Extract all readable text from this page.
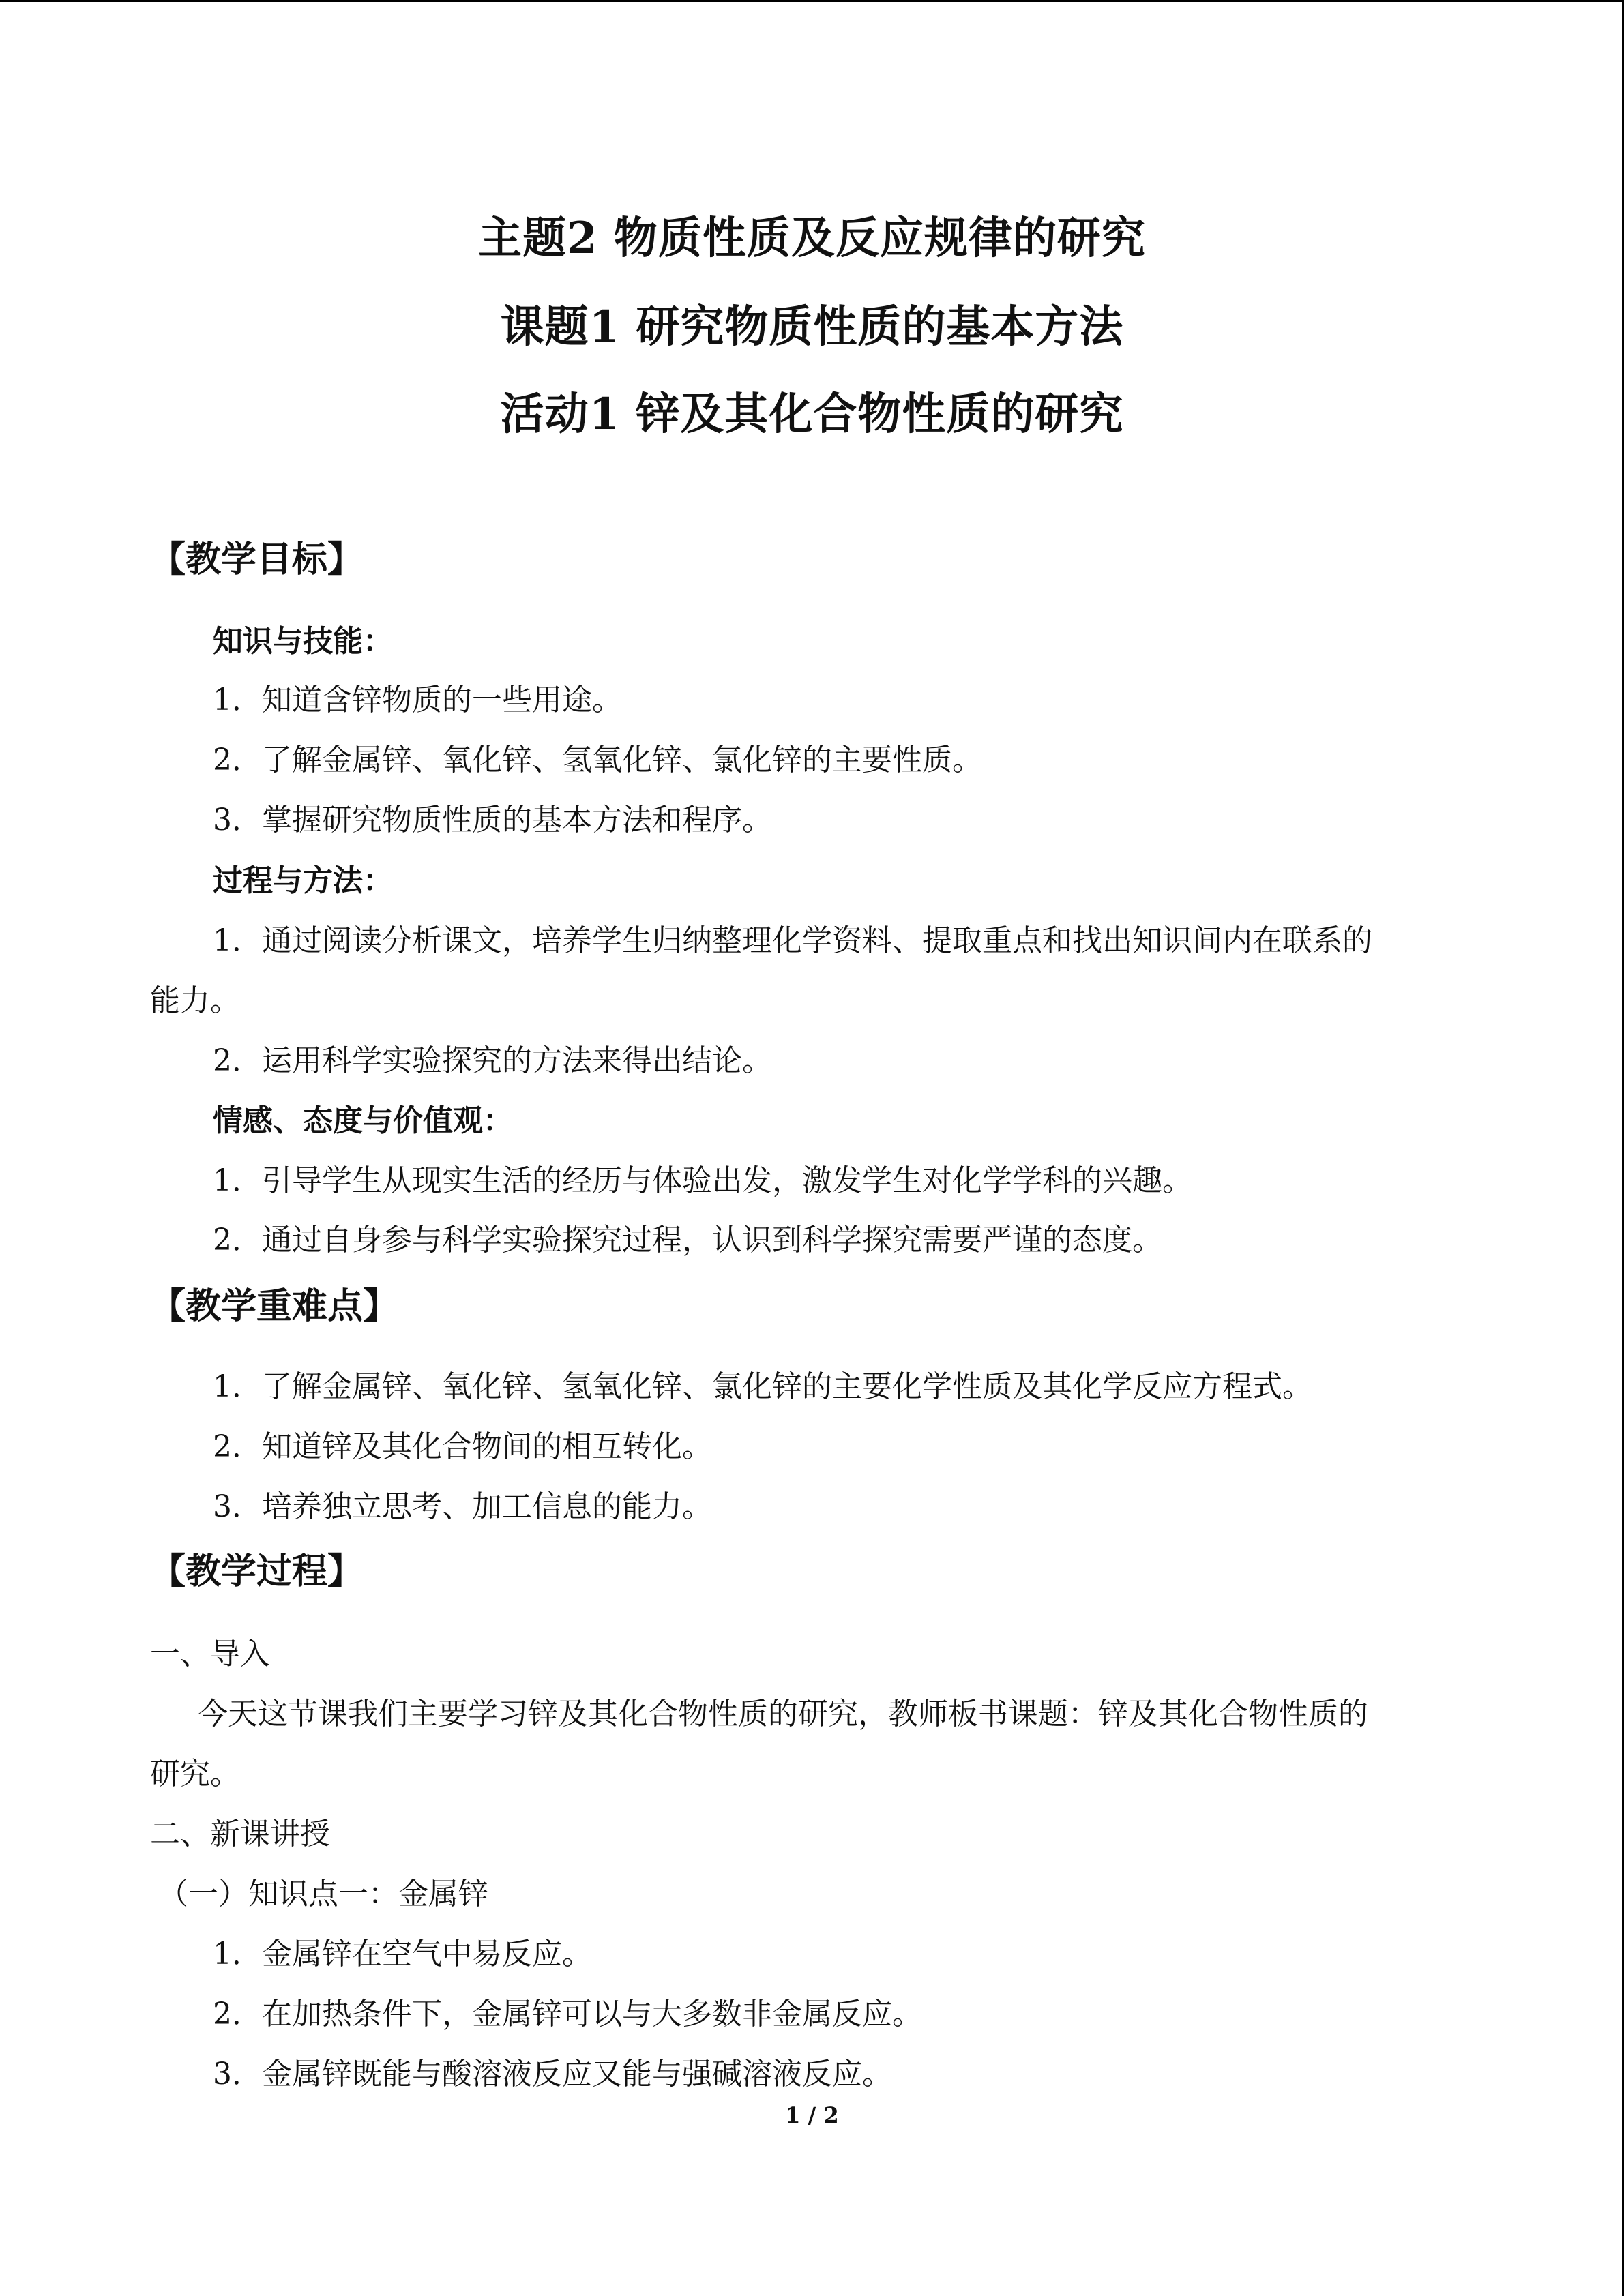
主题2 物质性质及反应规律的研究
课题1 研究物质性质的基本方法
活动1 锌及其化合物性质的研究
【教学目标】
知识与技能：
1．知道含锌物质的一些用途。
2．了解金属锌、氧化锌、氢氧化锌、氯化锌的主要性质。
3．掌握研究物质性质的基本方法和程序。
过程与方法：
1．通过阅读分析课文，培养学生归纳整理化学资料、提取重点和找出知识间内在联系的
能力。
2．运用科学实验探究的方法来得出结论。
情感、态度与价值观：
1．引导学生从现实生活的经历与体验出发，激发学生对化学学科的兴趣。
2．通过自身参与科学实验探究过程，认识到科学探究需要严谨的态度。
【教学重难点】
1．了解金属锌、氧化锌、氢氧化锌、氯化锌的主要化学性质及其化学反应方程式。
2．知道锌及其化合物间的相互转化。
3．培养独立思考、加工信息的能力。
【教学过程】
一、导入
今天这节课我们主要学习锌及其化合物性质的研究，教师板书课题：锌及其化合物性质的
研究。
二、新课讲授
（一）知识点一：金属锌
1．金属锌在空气中易反应。
2．在加热条件下，金属锌可以与大多数非金属反应。
3．金属锌既能与酸溶液反应又能与强碱溶液反应。
1 / 2
